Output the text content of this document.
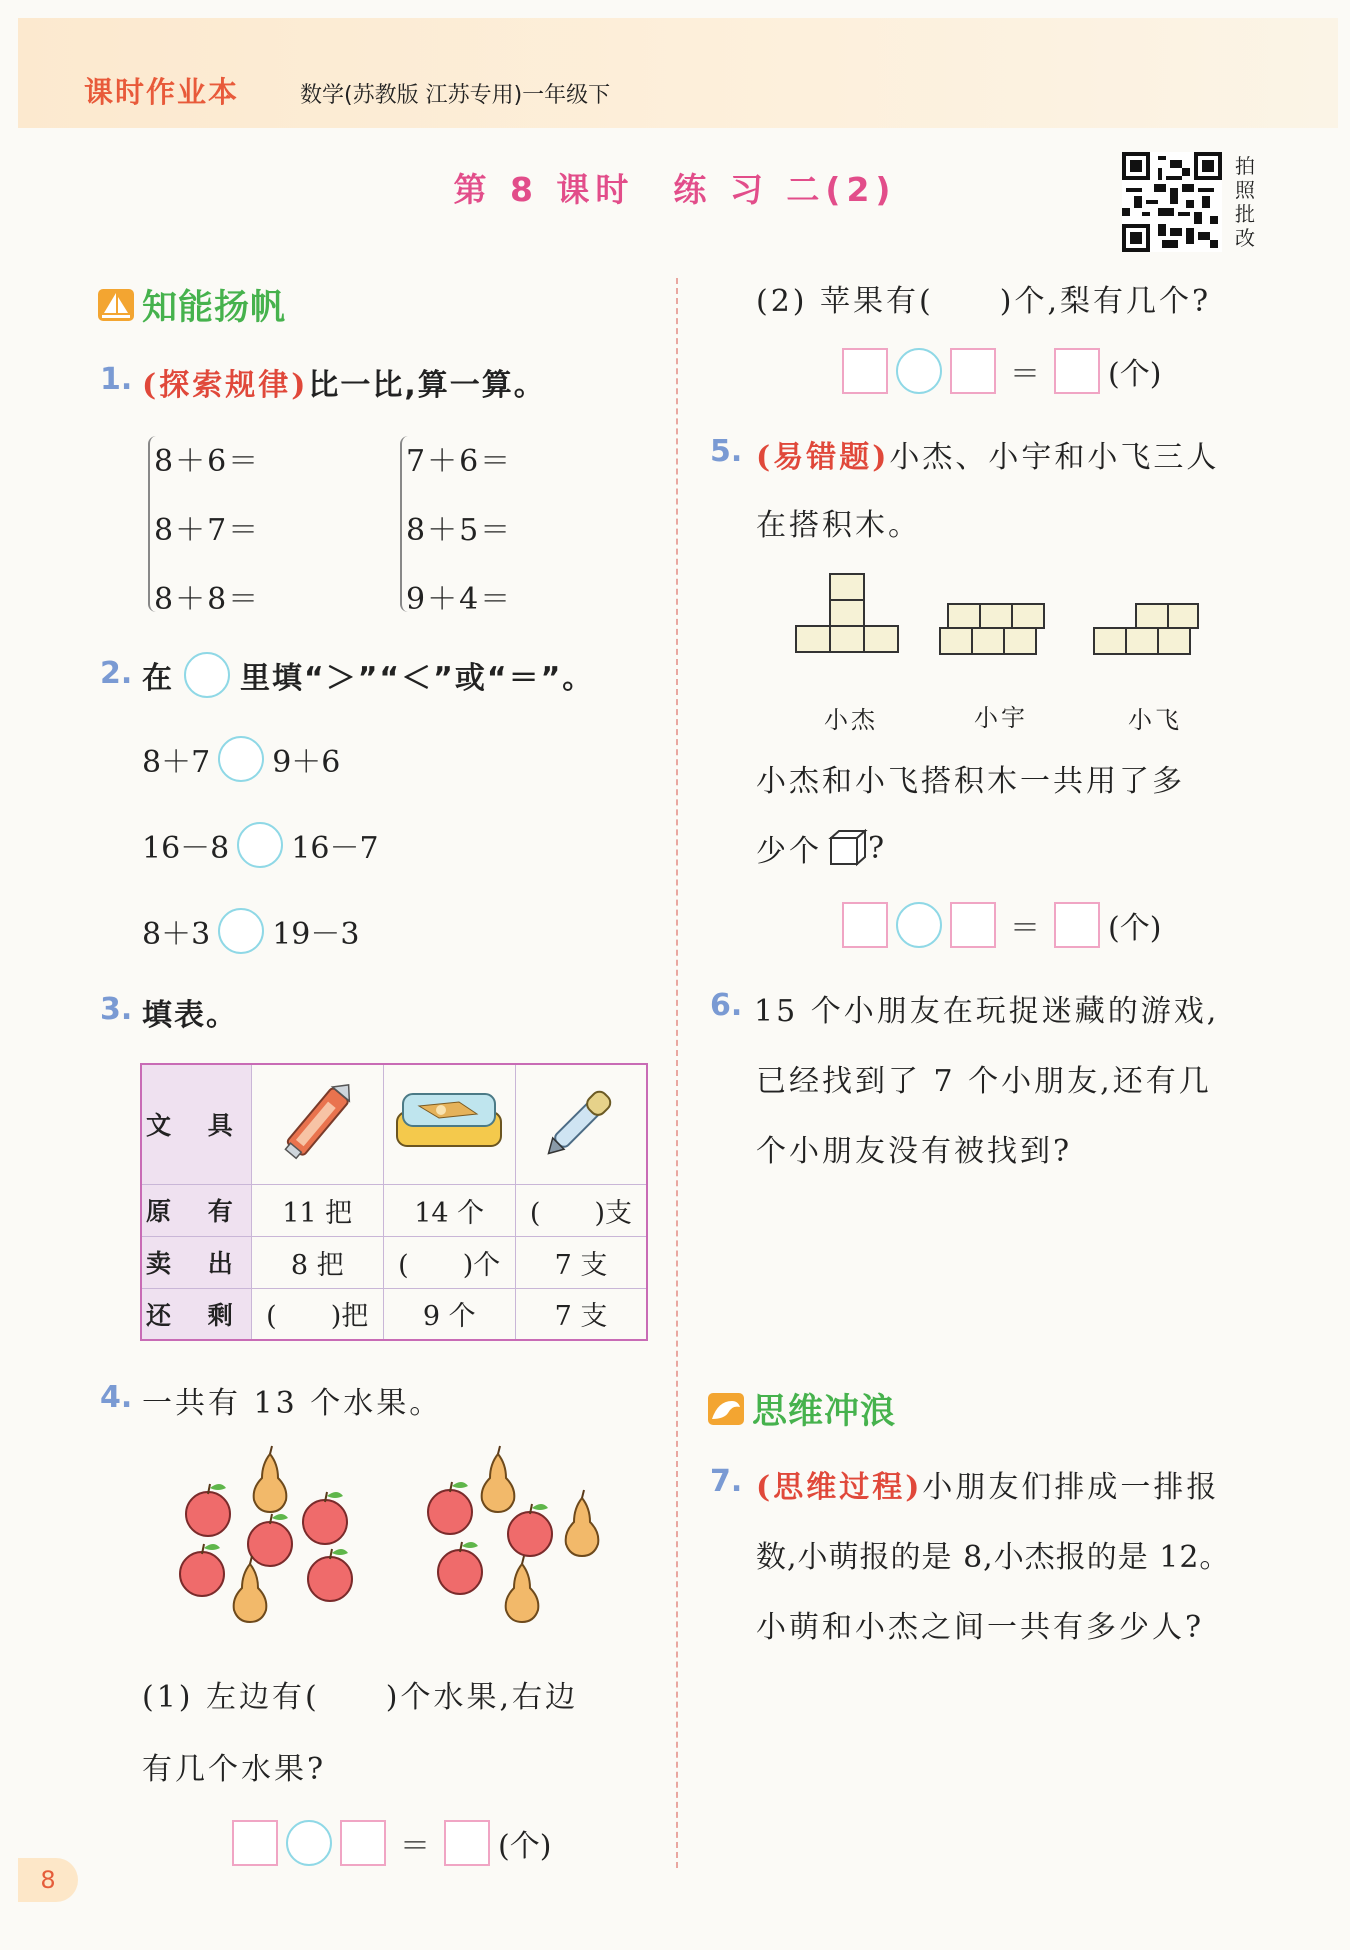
课时作业本	数学(苏教版 江苏专用)一年级下
第 8 课时　练 习 二(2)
拍
照
批
改
知能扬帆
1. (探索规律)比一比,算一算。
8＋6＝
8＋7＝
8＋8＝
7＋6＝
8＋5＝
9＋4＝
2. 在 里填“＞”“＜”或“＝”。
8＋7 9＋6
16－8 16－7
8＋3 19－3
3. 填表。
文 具			
原 有	11 把	14 个	(　　)支
卖 出	8 把	(　　)个	7 支
还 剩	(　　)把	9 个	7 支
4. 一共有 13 个水果。
(1) 左边有(　　)个水果,右边
有几个水果?
＝ (个)
(2) 苹果有(　　)个,梨有几个?
＝ (个)
5. (易错题)小杰、小宇和小飞三人
在搭积木。
小杰	小宇	小飞
小杰和小飞搭积木一共用了多
少个 ?
＝ (个)
6. 15 个小朋友在玩捉迷藏的游戏,
已经找到了 7 个小朋友,还有几
个小朋友没有被找到?
思维冲浪
7. (思维过程)小朋友们排成一排报
数,小萌报的是 8,小杰报的是 12。
小萌和小杰之间一共有多少人?
8
